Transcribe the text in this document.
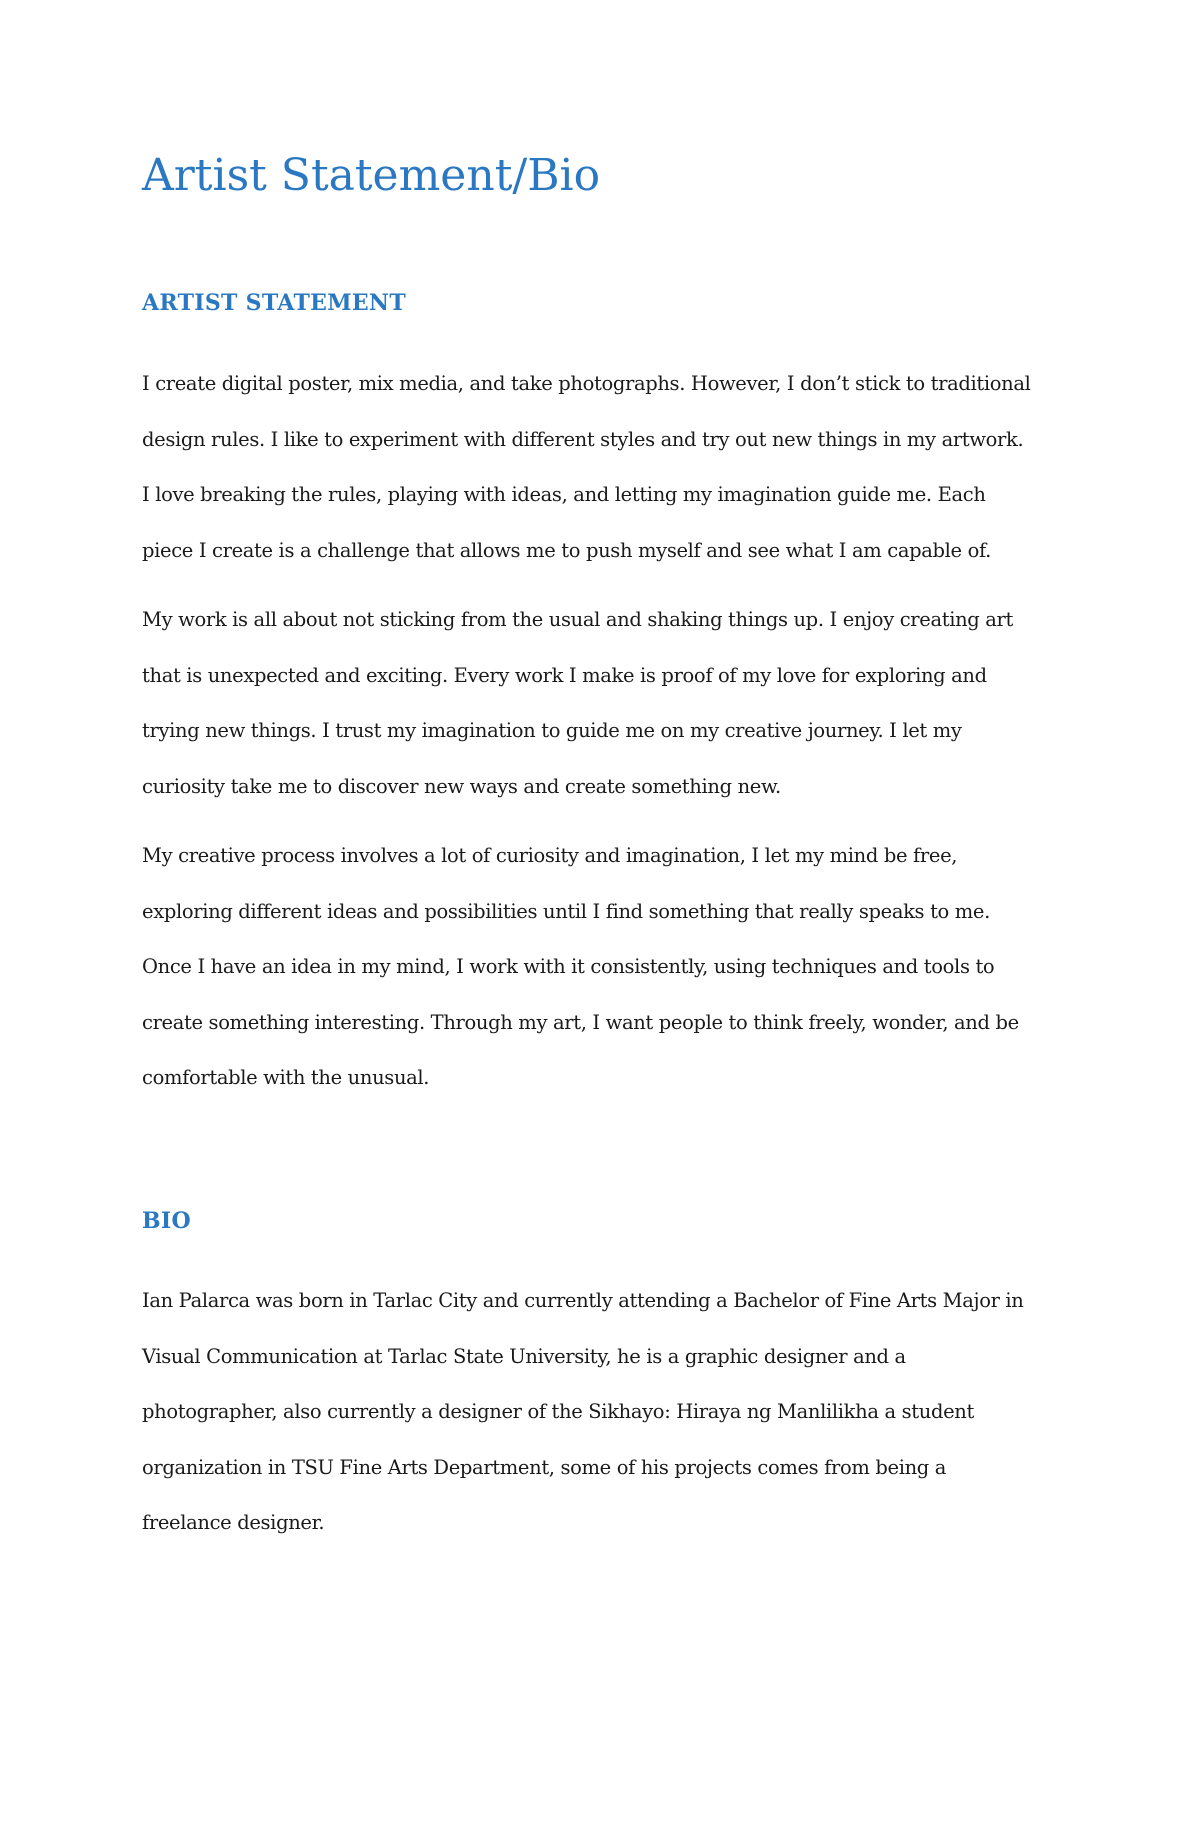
Artist Statement/Bio
ARTIST STATEMENT

I create digital poster, mix media, and take photographs. However, I don’t stick to traditional
design rules. I like to experiment with different styles and try out new things in my artwork.
I love breaking the rules, playing with ideas, and letting my imagination guide me. Each
piece I create is a challenge that allows me to push myself and see what I am capable of.

My work is all about not sticking from the usual and shaking things up. I enjoy creating art
that is unexpected and exciting. Every work I make is proof of my love for exploring and
trying new things. I trust my imagination to guide me on my creative journey. I let my
curiosity take me to discover new ways and create something new.

My creative process involves a lot of curiosity and imagination, I let my mind be free,
exploring different ideas and possibilities until I find something that really speaks to me.
Once I have an idea in my mind, I work with it consistently, using techniques and tools to
create something interesting. Through my art, I want people to think freely, wonder, and be
comfortable with the unusual.

BIO

Ian Palarca was born in Tarlac City and currently attending a Bachelor of Fine Arts Major in
Visual Communication at Tarlac State University, he is a graphic designer and a
photographer, also currently a designer of the Sikhayo: Hiraya ng Manlilikha a student
organization in TSU Fine Arts Department, some of his projects comes from being a
freelance designer.
